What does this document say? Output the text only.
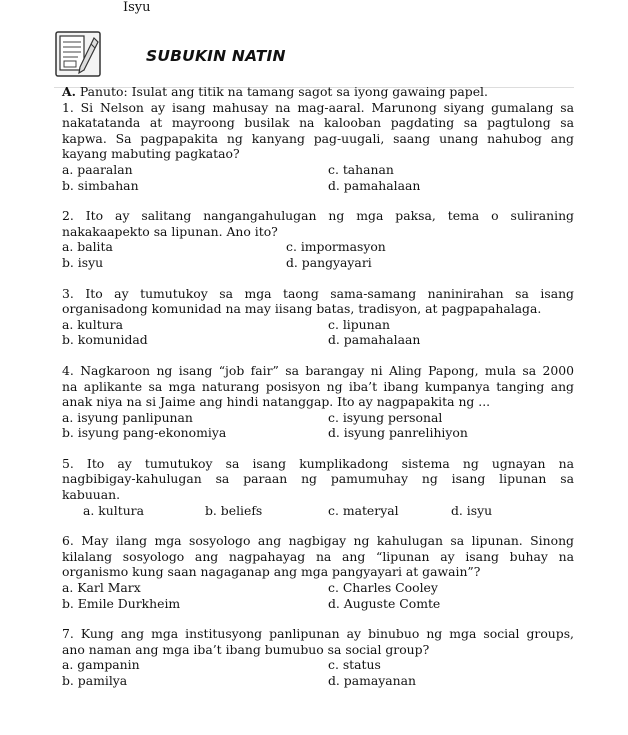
Isyu
SUBUKIN NATIN
A. Panuto: Isulat ang titik na tamang sagot sa iyong gawaing papel.
1. Si Nelson ay isang mahusay na mag-aaral. Marunong siyang gumalang sa
nakatatanda at mayroong busilak na kalooban pagdating sa pagtulong sa
kapwa. Sa pagpapakita ng kanyang pag-uugali, saang unang nahubog ang
kayang mabuting pagkatao?
a. paaralan	c. tahanan
b. simbahan	d. pamahalaan
2. Ito ay salitang nangangahulugan ng mga paksa, tema o suliraning
nakakaapekto sa lipunan. Ano ito?
a. balita	c. impormasyon
b. isyu	d. pangyayari
3. Ito ay tumutukoy sa mga taong sama-samang naninirahan sa isang
organisadong komunidad na may iisang batas, tradisyon, at pagpapahalaga.
a. kultura	c. lipunan
b. komunidad	d. pamahalaan
4. Nagkaroon ng isang “job fair” sa barangay ni Aling Papong, mula sa 2000
na aplikante sa mga naturang posisyon ng iba’t ibang kumpanya tanging ang
anak niya na si Jaime ang hindi natanggap. Ito ay nagpapakita ng ...
a. isyung panlipunan	c. isyung personal
b. isyung pang-ekonomiya	d. isyung panrelihiyon
5. Ito ay tumutukoy sa isang kumplikadong sistema ng ugnayan na
nagbibigay-kahulugan sa paraan ng pamumuhay ng isang lipunan sa
kabuuan.
a. kultura	b. beliefs	c. materyal	d. isyu
6. May ilang mga sosyologo ang nagbigay ng kahulugan sa lipunan. Sinong
kilalang sosyologo ang nagpahayag na ang “lipunan ay isang buhay na
organismo kung saan nagaganap ang mga pangyayari at gawain”?
a. Karl Marx	c. Charles Cooley
b. Emile Durkheim	d. Auguste Comte
7. Kung ang mga institusyong panlipunan ay binubuo ng mga social groups,
ano naman ang mga iba’t ibang bumubuo sa social group?
a. gampanin	c. status
b. pamilya	d. pamayanan
